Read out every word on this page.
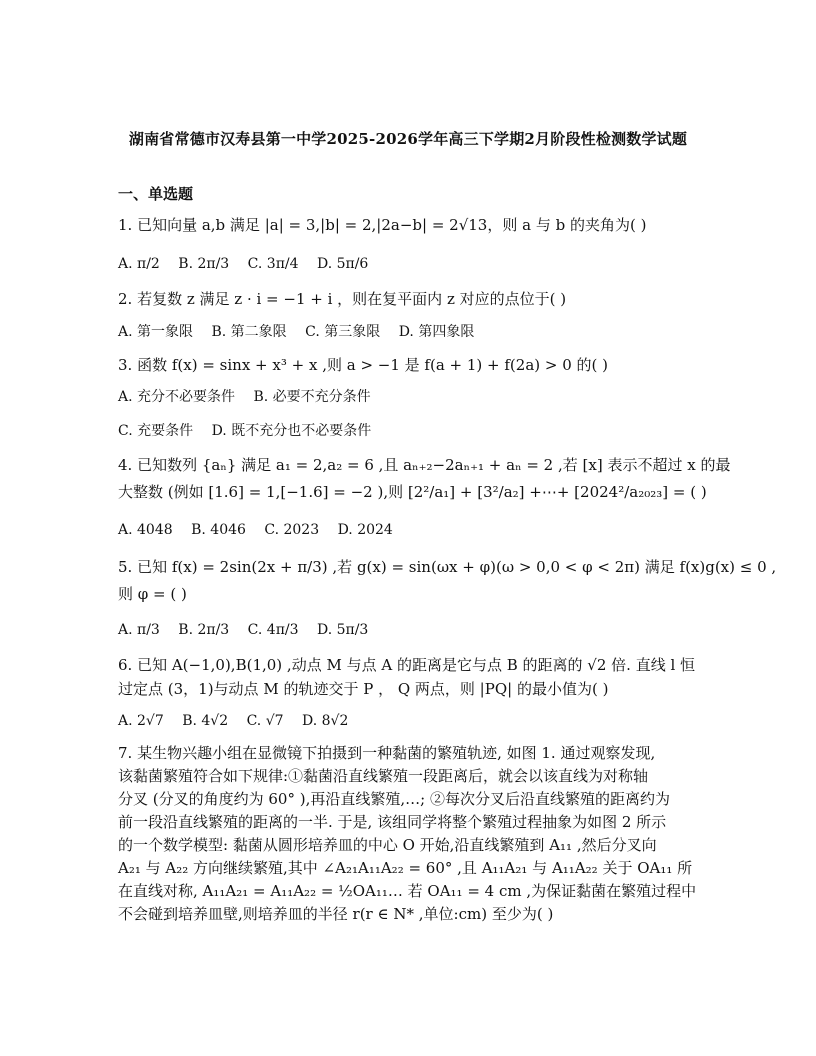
湖南省常德市汉寿县第一中学2025-2026学年高三下学期2月阶段性检测数学试题
一、单选题
1. 已知向量 a,b 满足 |a| = 3,|b| = 2,|2a−b| = 2√13，则 a 与 b 的夹角为( )
A. π/2 B. 2π/3 C. 3π/4 D. 5π/6
2. 若复数 z 满足 z · i = −1 + i ，则在复平面内 z 对应的点位于( )
A. 第一象限 B. 第二象限 C. 第三象限 D. 第四象限
3. 函数 f(x) = sinx + x³ + x ,则 a > −1 是 f(a + 1) + f(2a) > 0 的( )
A. 充分不必要条件 B. 必要不充分条件
C. 充要条件 D. 既不充分也不必要条件
4. 已知数列 {aₙ} 满足 a₁ = 2,a₂ = 6 ,且 aₙ₊₂−2aₙ₊₁ + aₙ = 2 ,若 [x] 表示不超过 x 的最
大整数 (例如 [1.6] = 1,[−1.6] = −2 ),则 [2²/a₁] + [3²/a₂] +⋯+ [2024²/a₂₀₂₃] = ( )
A. 4048 B. 4046 C. 2023 D. 2024
5. 已知 f(x) = 2sin(2x + π/3) ,若 g(x) = sin(ωx + φ)(ω > 0,0 < φ < 2π) 满足 f(x)g(x) ≤ 0 ,
则 φ = ( )
A. π/3 B. 2π/3 C. 4π/3 D. 5π/3
6. 已知 A(−1,0),B(1,0) ,动点 M 与点 A 的距离是它与点 B 的距离的 √2 倍. 直线 l 恒
过定点 (3，1)与动点 M 的轨迹交于 P ， Q 两点，则 |PQ| 的最小值为( )
A. 2√7 B. 4√2 C. √7 D. 8√2
7. 某生物兴趣小组在显微镜下拍摄到一种黏菌的繁殖轨迹, 如图 1. 通过观察发现,
该黏菌繁殖符合如下规律:①黏菌沿直线繁殖一段距离后，就会以该直线为对称轴
分叉 (分叉的角度约为 60° ),再沿直线繁殖,…; ②每次分叉后沿直线繁殖的距离约为
前一段沿直线繁殖的距离的一半. 于是, 该组同学将整个繁殖过程抽象为如图 2 所示
的一个数学模型: 黏菌从圆形培养皿的中心 O 开始,沿直线繁殖到 A₁₁ ,然后分叉向
A₂₁ 与 A₂₂ 方向继续繁殖,其中 ∠A₂₁A₁₁A₂₂ = 60° ,且 A₁₁A₂₁ 与 A₁₁A₂₂ 关于 OA₁₁ 所
在直线对称, A₁₁A₂₁ = A₁₁A₂₂ = ½OA₁₁… 若 OA₁₁ = 4 cm ,为保证黏菌在繁殖过程中
不会碰到培养皿壁,则培养皿的半径 r(r ∈ N* ,单位:cm) 至少为( )
